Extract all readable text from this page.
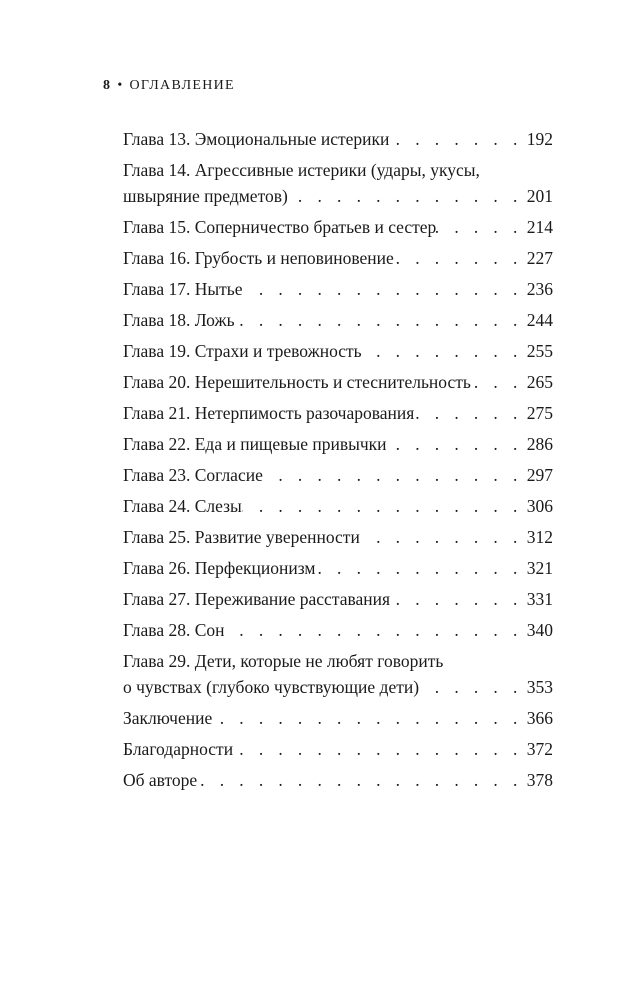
8 • ОГЛАВЛЕНИЕ
Глава 13. Эмоциональные истерики . . .	192
Глава 14. Агрессивные истерики (удары, укусы,
швыряние предметов) . . .	201
Глава 15. Соперничество братьев и сестер . . .	214
Глава 16. Грубость и неповиновение . . .	227
Глава 17. Нытье . . .	236
Глава 18. Ложь . . .	244
Глава 19. Страхи и тревожность . . .	255
Глава 20. Нерешительность и стеснительность . . .	265
Глава 21. Нетерпимость разочарования . . .	275
Глава 22. Еда и пищевые привычки . . .	286
Глава 23. Согласие . . .	297
Глава 24. Слезы . . .	306
Глава 25. Развитие уверенности . . .	312
Глава 26. Перфекционизм . . .	321
Глава 27. Переживание расставания . . .	331
Глава 28. Сон . . .	340
Глава 29. Дети, которые не любят говорить
о чувствах (глубоко чувствующие дети) . . .	353
Заключение . . .	366
Благодарности . . .	372
Об авторе . . .	378
